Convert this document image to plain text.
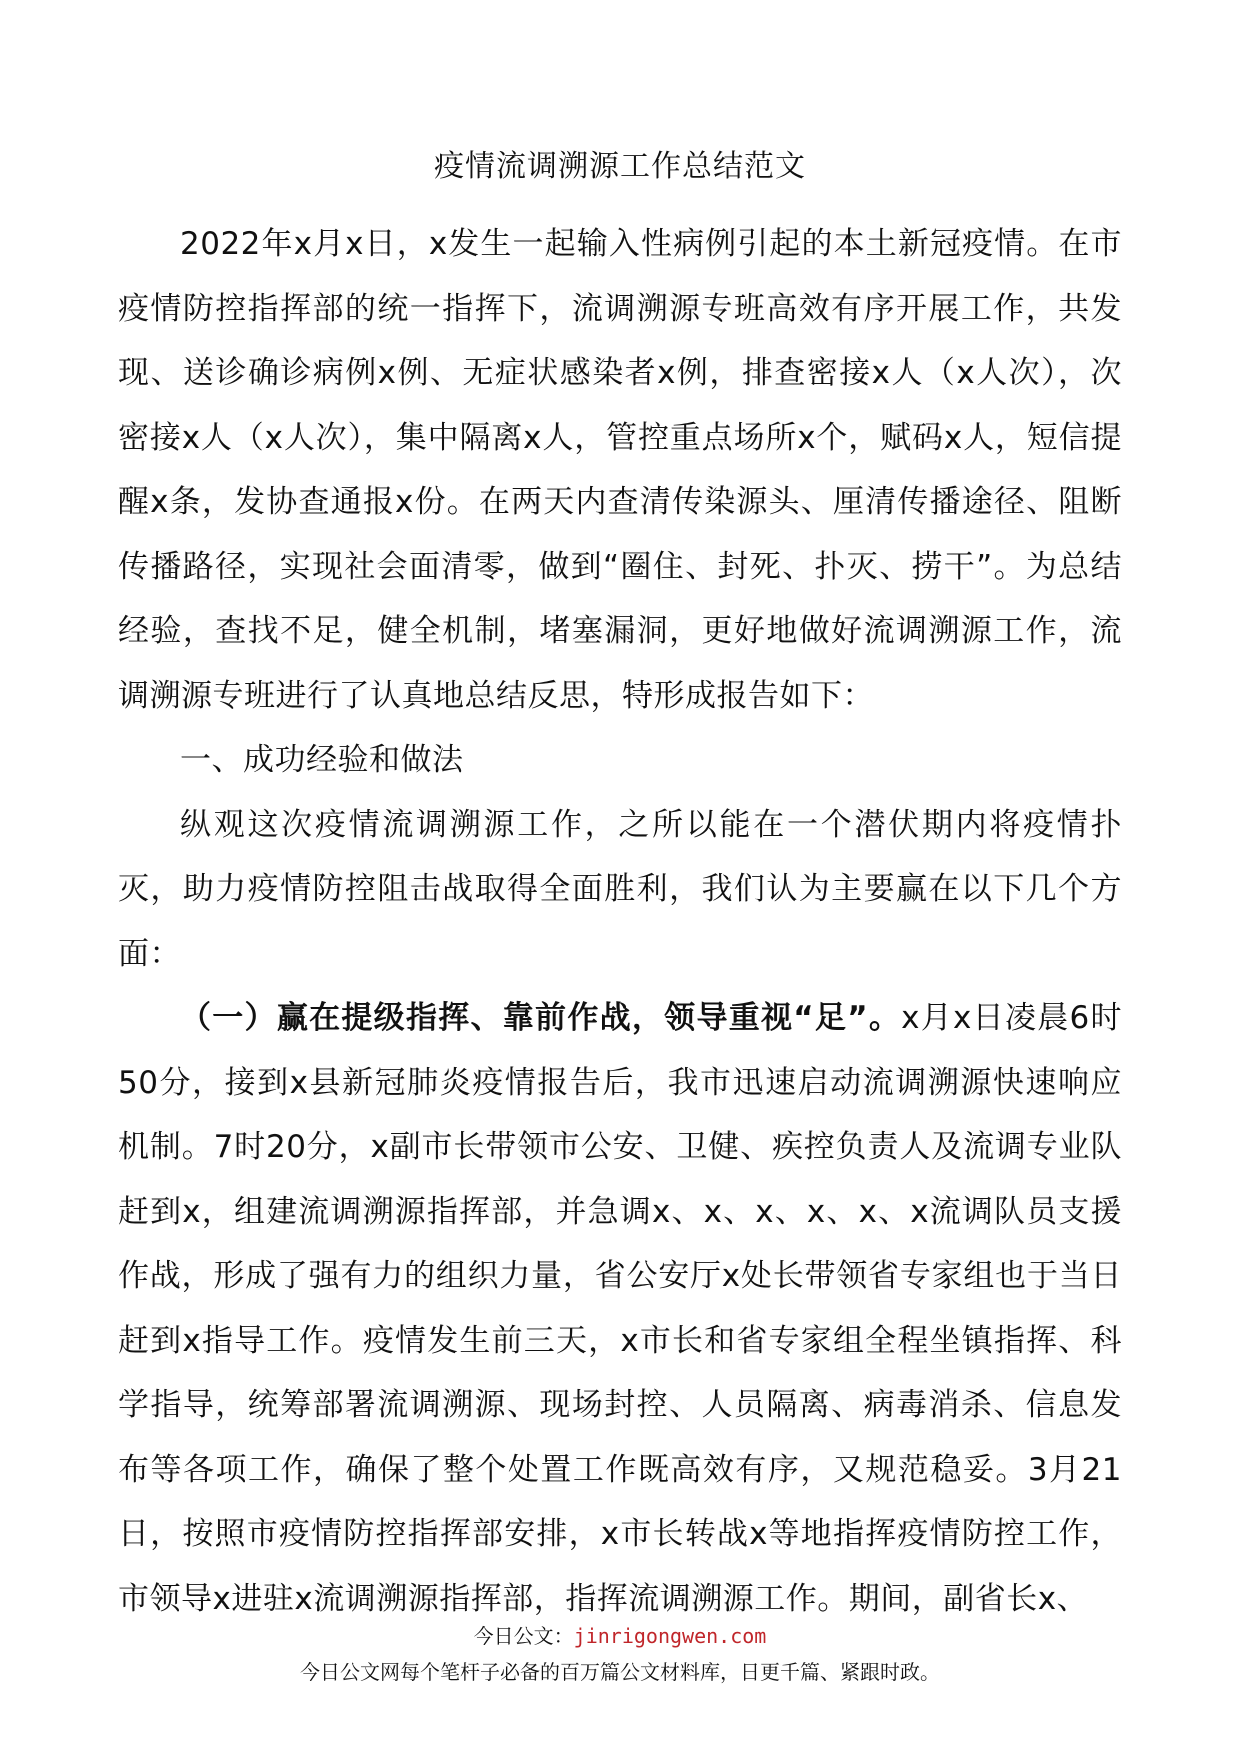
疫情流调溯源工作总结范文

2022年x月x日，x发生一起输入性病例引起的本土新冠疫情。在市疫情防控指挥部的统一指挥下，流调溯源专班高效有序开展工作，共发现、送诊确诊病例x例、无症状感染者x例，排查密接x人（x人次），次密接x人（x人次），集中隔离x人，管控重点场所x个，赋码x人，短信提醒x条，发协查通报x份。在两天内查清传染源头、厘清传播途径、阻断传播路径，实现社会面清零，做到“圈住、封死、扑灭、捞干”。为总结经验，查找不足，健全机制，堵塞漏洞，更好地做好流调溯源工作，流调溯源专班进行了认真地总结反思，特形成报告如下：

一、成功经验和做法

纵观这次疫情流调溯源工作，之所以能在一个潜伏期内将疫情扑灭，助力疫情防控阻击战取得全面胜利，我们认为主要赢在以下几个方面：

（一）赢在提级指挥、靠前作战，领导重视“足”。x月x日凌晨6时50分，接到x县新冠肺炎疫情报告后，我市迅速启动流调溯源快速响应机制。7时20分，x副市长带领市公安、卫健、疾控负责人及流调专业队赶到x，组建流调溯源指挥部，并急调x、x、x、x、x、x流调队员支援作战，形成了强有力的组织力量，省公安厅x处长带领省专家组也于当日赶到x指导工作。疫情发生前三天，x市长和省专家组全程坐镇指挥、科学指导，统筹部署流调溯源、现场封控、人员隔离、病毒消杀、信息发布等各项工作，确保了整个处置工作既高效有序，又规范稳妥。3月21日，按照市疫情防控指挥部安排，x市长转战x等地指挥疫情防控工作，市领导x进驻x流调溯源指挥部，指挥流调溯源工作。期间，副省长x、

今日公文：jinrigongwen.com
今日公文网每个笔杆子必备的百万篇公文材料库，日更千篇、紧跟时政。
